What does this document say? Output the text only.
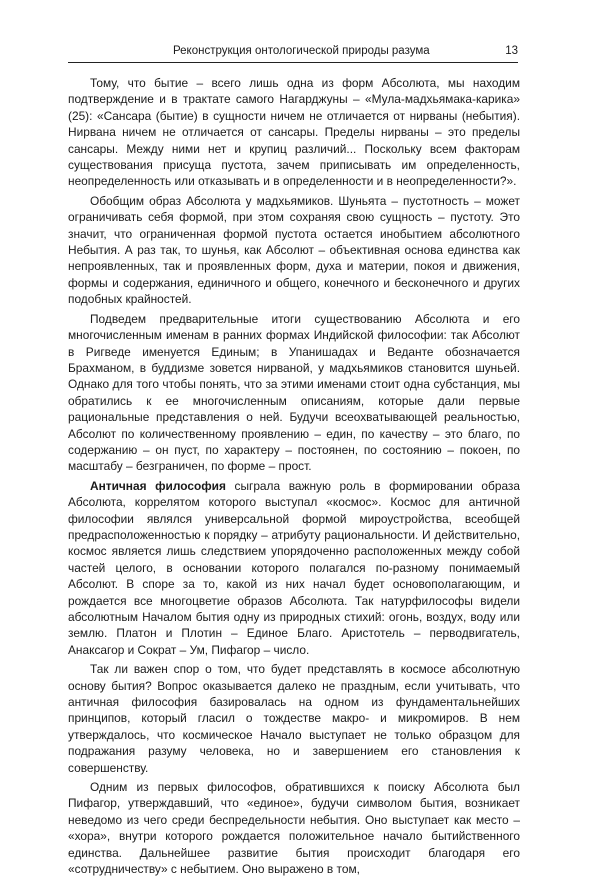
Реконструкция онтологической природы разума	13

Тому, что бытие – всего лишь одна из форм Абсолюта, мы находим подтверждение и в трактате самого Нагарджуны – «Мула-мадхьямака-карика» (25): «Сансара (бытие) в сущности ничем не отличается от нирваны (небытия). Нирвана ничем не отличается от сансары. Пределы нирваны – это пределы сансары. Между ними нет и крупиц различий... Поскольку всем факторам существования присуща пустота, зачем приписывать им определенность, неопределенность или отказывать и в определенности и в неопределенности?».

Обобщим образ Абсолюта у мадхьямиков. Шуньята – пустотность – может ограничивать себя формой, при этом сохраняя свою сущность – пустоту. Это значит, что ограниченная формой пустота остается инобытием абсолютного Небытия. А раз так, то шунья, как Абсолют – объективная основа единства как непроявленных, так и проявленных форм, духа и материи, покоя и движения, формы и содержания, единичного и общего, конечного и бесконечного и других подобных крайностей.

Подведем предварительные итоги существованию Абсолюта и его многочисленным именам в ранних формах Индийской философии: так Абсолют в Ригведе именуется Единым; в Упанишадах и Веданте обозначается Брахманом, в буддизме зовется нирваной, у мадхьямиков становится шуньей. Однако для того чтобы понять, что за этими именами стоит одна субстанция, мы обратились к ее многочисленным описаниям, которые дали первые рациональные представления о ней. Будучи всеохватывающей реальностью, Абсолют по количественному проявлению – един, по качеству – это благо, по содержанию – он пуст, по характеру – постоянен, по состоянию – покоен, по масштабу – безграничен, по форме – прост.

Античная философия сыграла важную роль в формировании образа Абсолюта, коррелятом которого выступал «космос». Космос для античной философии являлся универсальной формой мироустройства, всеобщей предрасположенностью к порядку – атрибуту рациональности. И действительно, космос является лишь следствием упорядоченно расположенных между собой частей целого, в основании которого полагался по-разному понимаемый Абсолют. В споре за то, какой из них начал будет основополагающим, и рождается все многоцветие образов Абсолюта. Так натурфилософы видели абсолютным Началом бытия одну из природных стихий: огонь, воздух, воду или землю. Платон и Плотин – Единое Благо. Аристотель – перводвигатель, Анаксагор и Сократ – Ум, Пифагор – число.

Так ли важен спор о том, что будет представлять в космосе абсолютную основу бытия? Вопрос оказывается далеко не праздным, если учитывать, что античная философия базировалась на одном из фундаментальнейших принципов, который гласил о тождестве макро- и микромиров. В нем утверждалось, что космическое Начало выступает не только образцом для подражания разуму человека, но и завершением его становления к совершенству.

Одним из первых философов, обратившихся к поиску Абсолюта был Пифагор, утверждавший, что «единое», будучи символом бытия, возникает неведомо из чего среди беспредельности небытия. Оно выступает как место – «хора», внутри которого рождается положительное начало бытийственного единства. Дальнейшее развитие бытия происходит благодаря его «сотрудничеству» с небытием. Оно выражено в том,
